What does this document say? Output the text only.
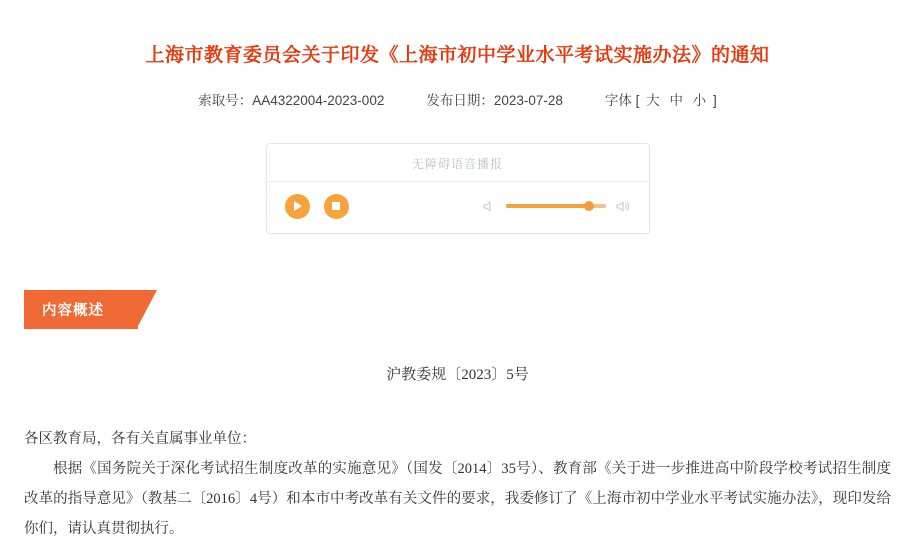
上海市教育委员会关于印发《上海市初中学业水平考试实施办法》的通知
索取号：AA4322004-2023-002	发布日期：2023-07-28	字体 [ 大 中 小 ]
无障碍语音播报
内容概述
沪教委规〔2023〕5号

各区教育局，各有关直属事业单位：

根据《国务院关于深化考试招生制度改革的实施意见》（国发〔2014〕35号）、教育部《关于进一步推进高中阶段学校考试招生制度改革的指导意见》（教基二〔2016〕4号）和本市中考改革有关文件的要求，我委修订了《上海市初中学业水平考试实施办法》，现印发给你们，请认真贯彻执行。
